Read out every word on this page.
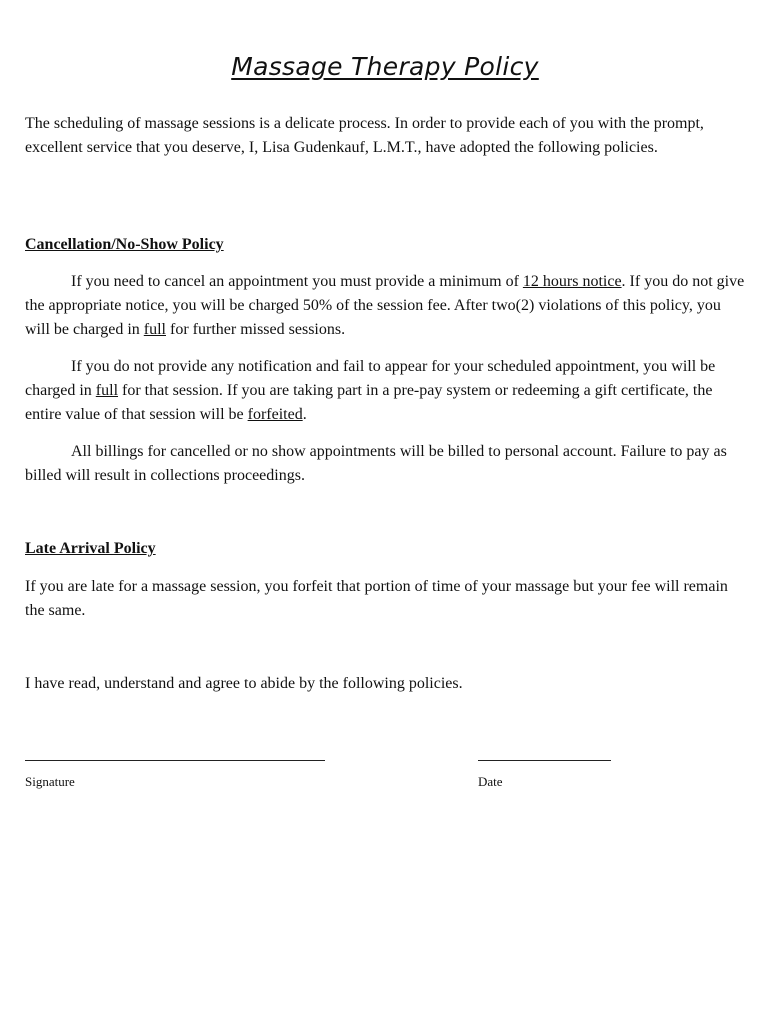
Massage Therapy Policy

The scheduling of massage sessions is a delicate process. In order to provide each of you with the prompt, excellent service that you deserve, I, Lisa Gudenkauf, L.M.T., have adopted the following policies.

Cancellation/No-Show Policy

If you need to cancel an appointment you must provide a minimum of 12 hours notice. If you do not give the appropriate notice, you will be charged 50% of the session fee. After two(2) violations of this policy, you will be charged in full for further missed sessions.

If you do not provide any notification and fail to appear for your scheduled appointment, you will be charged in full for that session. If you are taking part in a pre-pay system or redeeming a gift certificate, the entire value of that session will be forfeited.

All billings for cancelled or no show appointments will be billed to personal account. Failure to pay as billed will result in collections proceedings.

Late Arrival Policy

If you are late for a massage session, you forfeit that portion of time of your massage but your fee will remain the same.

I have read, understand and agree to abide by the following policies.

Signature	Date
